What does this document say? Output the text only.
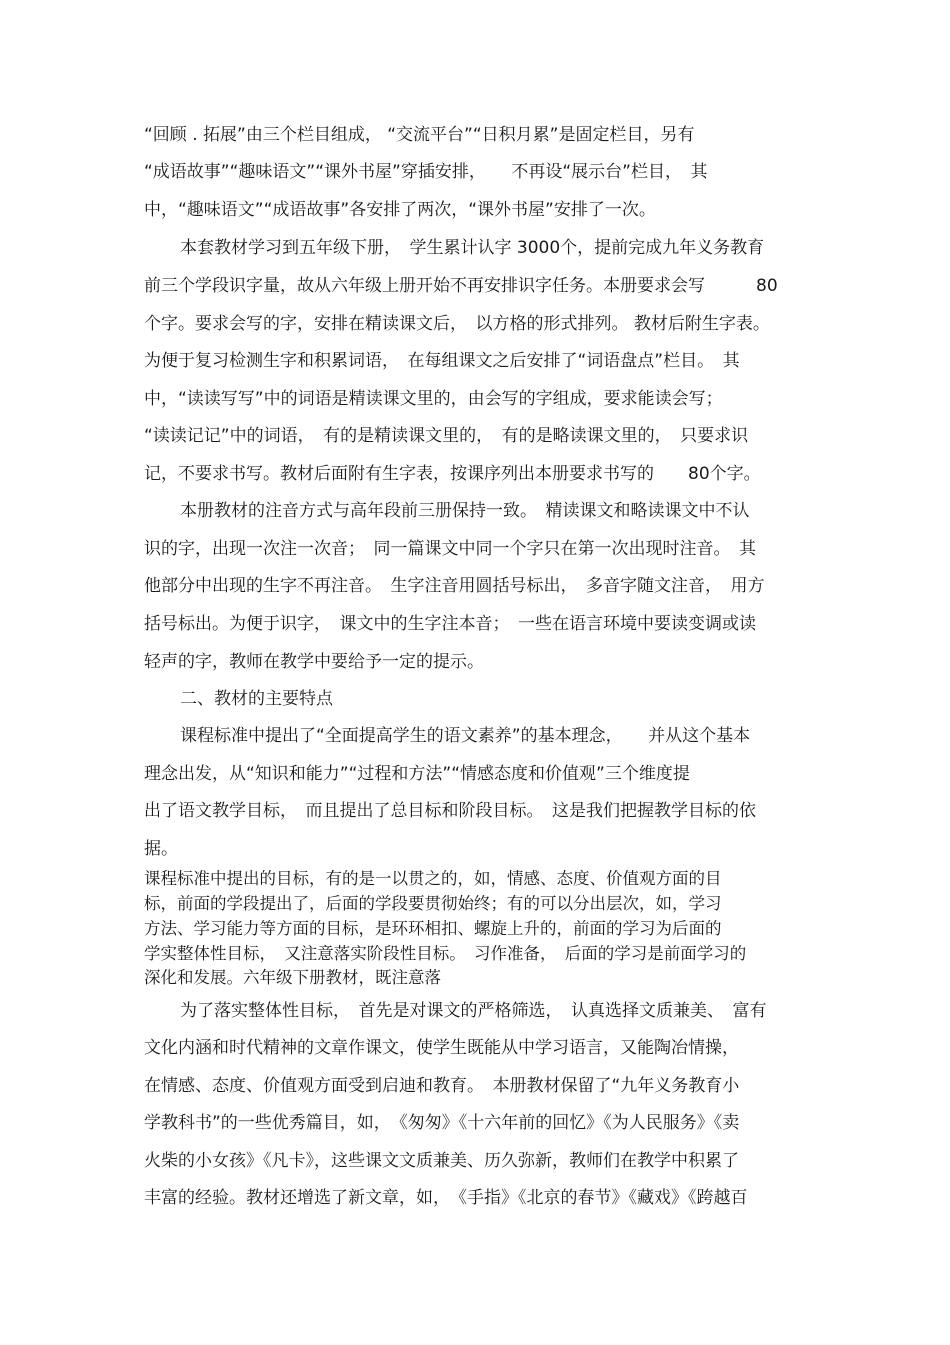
“回顾 . 拓展”由三个栏目组成， “交流平台”“日积月累”是固定栏目，另有
“成语故事”“趣味语文”“课外书屋”穿插安排，　　不再设“展示台”栏目，　其
中，“趣味语文”“成语故事”各安排了两次，“课外书屋”安排了一次。
本套教材学习到五年级下册，　学生累计认字 3000个，提前完成九年义务教育
前三个学段识字量，故从六年级上册开始不再安排识字任务。本册要求会写　　　80
个字。要求会写的字，安排在精读课文后，　以方格的形式排列。 教材后附生字表。
为便于复习检测生字和积累词语，　在每组课文之后安排了“词语盘点”栏目。　其
中，“读读写写”中的词语是精读课文里的，由会写的字组成，要求能读会写；
“读读记记”中的词语，　有的是精读课文里的，　有的是略读课文里的，　只要求识
记，不要求书写。教材后面附有生字表，按课序列出本册要求书写的　　80个字。
本册教材的注音方式与高年段前三册保持一致。　精读课文和略读课文中不认
识的字，出现一次注一次音；　同一篇课文中同一个字只在第一次出现时注音。　其
他部分中出现的生字不再注音。　生字注音用圆括号标出，　多音字随文注音，　用方
括号标出。为便于识字，　课文中的生字注本音；　一些在语言环境中要读变调或读
轻声的字，教师在教学中要给予一定的提示。
二、教材的主要特点
课程标准中提出了“全面提高学生的语文素养”的基本理念，　　并从这个基本
理念出发，从“知识和能力”“过程和方法”“情感态度和价值观”三个维度提
出了语文教学目标，　而且提出了总目标和阶段目标。　这是我们把握教学目标的依
据。
课程标准中提出的目标，有的是一以贯之的，如，情感、态度、价值观方面的目
标，前面的学段提出了，后面的学段要贯彻始终；有的可以分出层次，如，学习
方法、学习能力等方面的目标，是环环相扣、螺旋上升的，前面的学习为后面的
学实整体性目标，　又注意落实阶段性目标。　习作准备，　后面的学习是前面学习的
深化和发展。六年级下册教材，既注意落
为了落实整体性目标，　首先是对课文的严格筛选，　认真选择文质兼美、　富有
文化内涵和时代精神的文章作课文，使学生既能从中学习语言，又能陶冶情操，
在情感、态度、价值观方面受到启迪和教育。　本册教材保留了“九年义务教育小
学教科书”的一些优秀篇目，如，　《匆匆》《十六年前的回忆》《为人民服务》《卖
火柴的小女孩》《凡卡》，这些课文文质兼美、历久弥新，教师们在教学中积累了
丰富的经验。教材还增选了新文章，如，　《手指》《北京的春节》《藏戏》《跨越百
